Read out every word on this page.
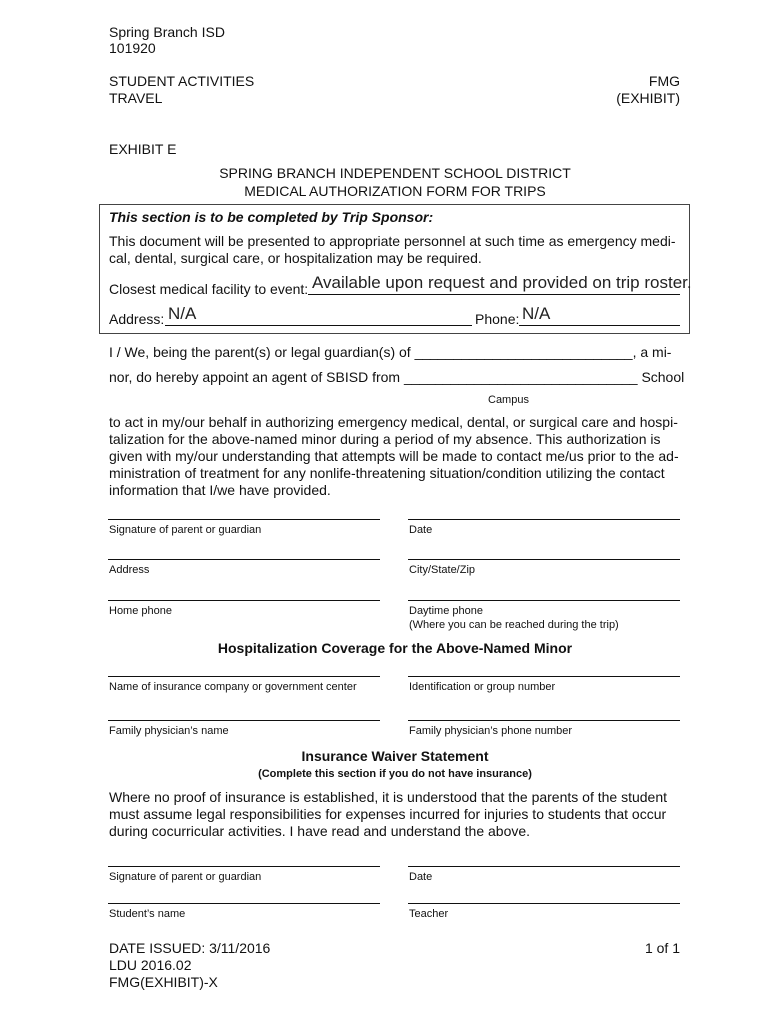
Spring Branch ISD
101920
STUDENT ACTIVITIES
TRAVEL
FMG
(EXHIBIT)
EXHIBIT E
SPRING BRANCH INDEPENDENT SCHOOL DISTRICT
MEDICAL AUTHORIZATION FORM FOR TRIPS
This section is to be completed by Trip Sponsor:
This document will be presented to appropriate personnel at such time as emergency medi-
cal, dental, surgical care, or hospitalization may be required.
Closest medical facility to event: Available upon request and provided on trip roster.
Address: N/A	Phone: N/A
I / We, being the parent(s) or legal guardian(s) of ____________________________, a mi-
nor, do hereby appoint an agent of SBISD from ______________________________ School
Campus
to act in my/our behalf in authorizing emergency medical, dental, or surgical care and hospi-
talization for the above-named minor during a period of my absence. This authorization is
given with my/our understanding that attempts will be made to contact me/us prior to the ad-
ministration of treatment for any nonlife-threatening situation/condition utilizing the contact
information that I/we have provided.
Signature of parent or guardian	Date
Address	City/State/Zip
Home phone	Daytime phone
(Where you can be reached during the trip)
Hospitalization Coverage for the Above-Named Minor
Name of insurance company or government center	Identification or group number
Family physician’s name	Family physician’s phone number
Insurance Waiver Statement
(Complete this section if you do not have insurance)
Where no proof of insurance is established, it is understood that the parents of the student
must assume legal responsibilities for expenses incurred for injuries to students that occur
during cocurricular activities. I have read and understand the above.
Signature of parent or guardian	Date
Student’s name	Teacher
DATE ISSUED: 3/11/2016
LDU 2016.02
FMG(EXHIBIT)-X
1 of 1
